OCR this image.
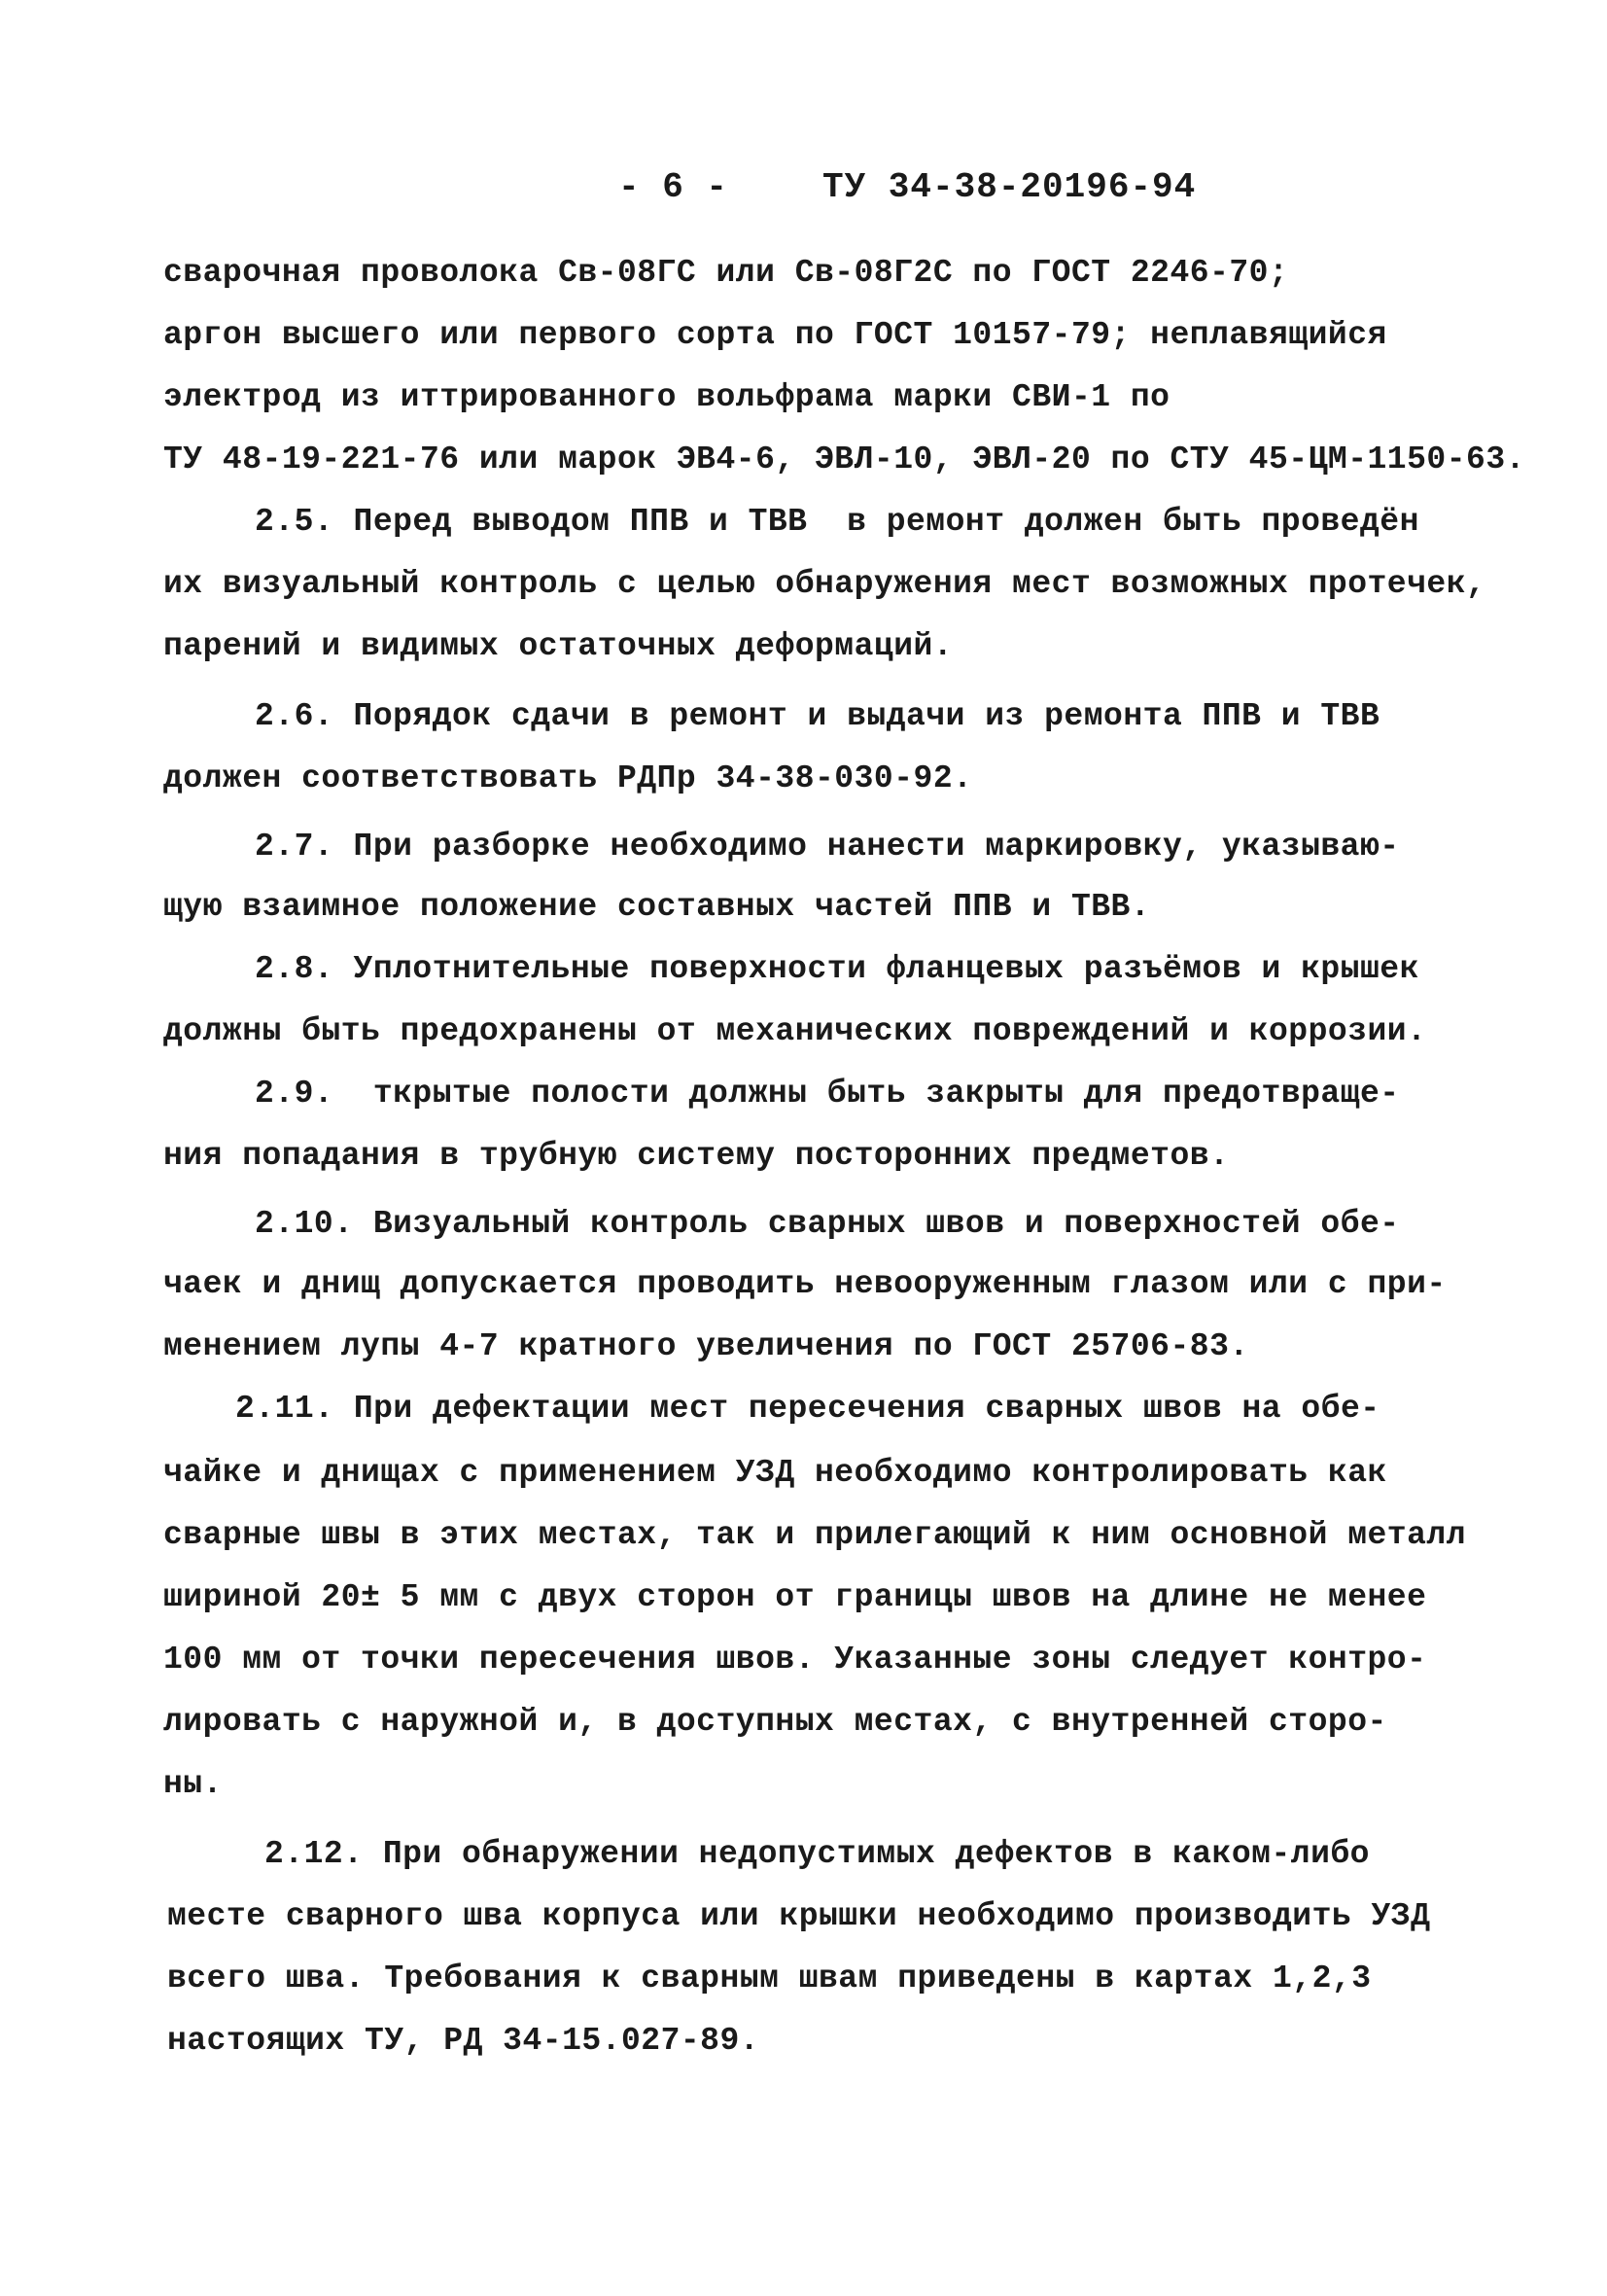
- 6 -	ТУ 34-38-20196-94
сварочная проволока Св-08ГС или Св-08Г2С по ГОСТ 2246-70;
аргон высшего или первого сорта по ГОСТ 10157-79; неплавящийся
электрод из иттрированного вольфрама марки СВИ-1 по
ТУ 48-19-221-76 или марок ЭВ4-6, ЭВЛ-10, ЭВЛ-20 по СТУ 45-ЦМ-1150-63.
2.5. Перед выводом ППВ и ТВВ  в ремонт должен быть проведён
их визуальный контроль с целью обнаружения мест возможных протечек,
парений и видимых остаточных деформаций.
2.6. Порядок сдачи в ремонт и выдачи из ремонта ППВ и ТВВ
должен соответствовать РДПр 34-38-030-92.
2.7. При разборке необходимо нанести маркировку, указываю-
щую взаимное положение составных частей ППВ и ТВВ.
2.8. Уплотнительные поверхности фланцевых разъёмов и крышек
должны быть предохранены от механических повреждений и коррозии.
2.9.  ткрытые полости должны быть закрыты для предотвраще-
ния попадания в трубную систему посторонних предметов.
2.10. Визуальный контроль сварных швов и поверхностей обе-
чаек и днищ допускается проводить невооруженным глазом или с при-
менением лупы 4-7 кратного увеличения по ГОСТ 25706-83.
2.11. При дефектации мест пересечения сварных швов на обе-
чайке и днищах с применением УЗД необходимо контролировать как
сварные швы в этих местах, так и прилегающий к ним основной металл
шириной 20± 5 мм с двух сторон от границы швов на длине не менее
100 мм от точки пересечения швов. Указанные зоны следует контро-
лировать с наружной и, в доступных местах, с внутренней сторо-
ны.
2.12. При обнаружении недопустимых дефектов в каком-либо
месте сварного шва корпуса или крышки необходимо производить УЗД
всего шва. Требования к сварным швам приведены в картах 1,2,3
настоящих ТУ, РД 34-15.027-89.
